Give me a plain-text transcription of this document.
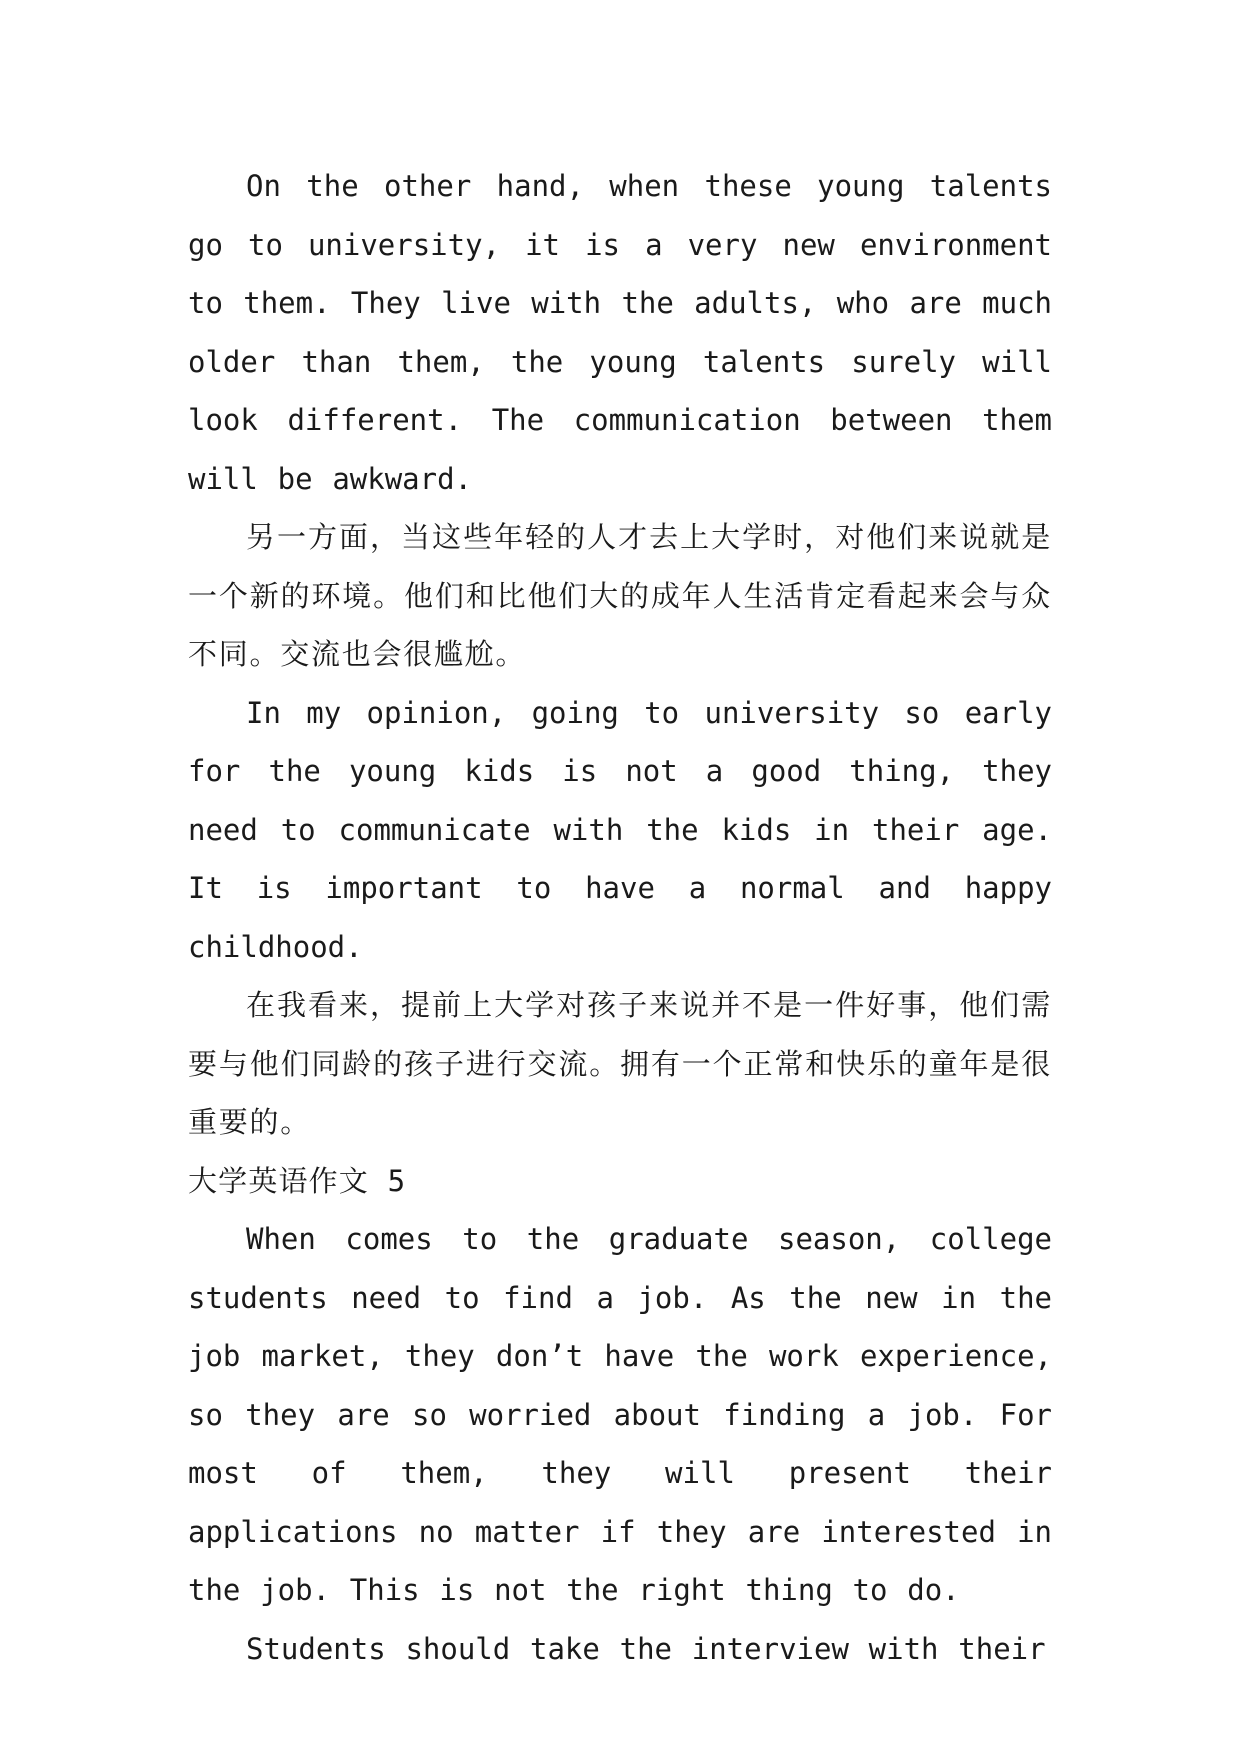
On the other hand, when these young talents go to university, it is a very new environment to them. They live with the adults, who are much older than them, the young talents surely will look different. The communication between them will be awkward.

另一方面，当这些年轻的人才去上大学时，对他们来说就是一个新的环境。他们和比他们大的成年人生活肯定看起来会与众不同。交流也会很尴尬。

In my opinion, going to university so early for the young kids is not a good thing, they need to communicate with the kids in their age. It is important to have a normal and happy childhood.

在我看来，提前上大学对孩子来说并不是一件好事，他们需要与他们同龄的孩子进行交流。拥有一个正常和快乐的童年是很重要的。

大学英语作文 5

When comes to the graduate season, college students need to find a job. As the new in the job market, they don’t have the work experience, so they are so worried about finding a job. For most of them, they will present their applications no matter if they are interested in the job. This is not the right thing to do.

Students should take the interview with their
